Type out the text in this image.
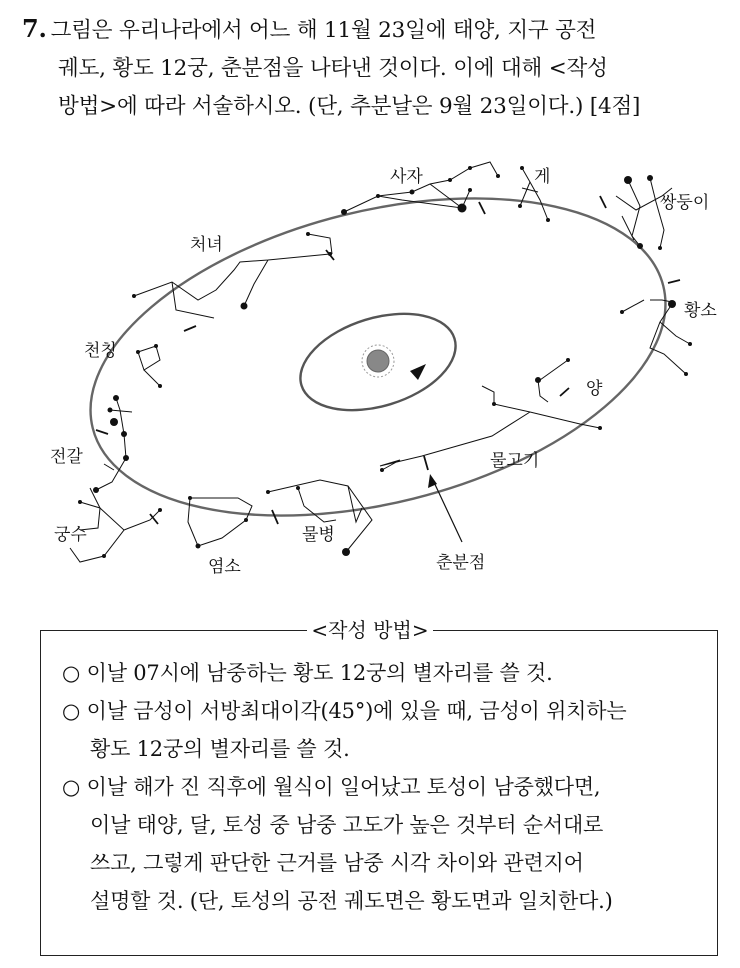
7. 그림은 우리나라에서 어느 해 11월 23일에 태양, 지구 공전
궤도, 황도 12궁, 춘분점을 나타낸 것이다. 이에 대해 <작성
방법>에 따라 서술하시오. (단, 추분날은 9월 23일이다.) [4점]
사자	게
쌍둥이
황소
양
물고기
물병
염소
궁수
전갈
천칭
처녀
춘분점
<작성 방법>
○ 이날 07시에 남중하는 황도 12궁의 별자리를 쓸 것.
○ 이날 금성이 서방최대이각(45°)에 있을 때, 금성이 위치하는
황도 12궁의 별자리를 쓸 것.
○ 이날 해가 진 직후에 월식이 일어났고 토성이 남중했다면,
이날 태양, 달, 토성 중 남중 고도가 높은 것부터 순서대로
쓰고, 그렇게 판단한 근거를 남중 시각 차이와 관련지어
설명할 것. (단, 토성의 공전 궤도면은 황도면과 일치한다.)
